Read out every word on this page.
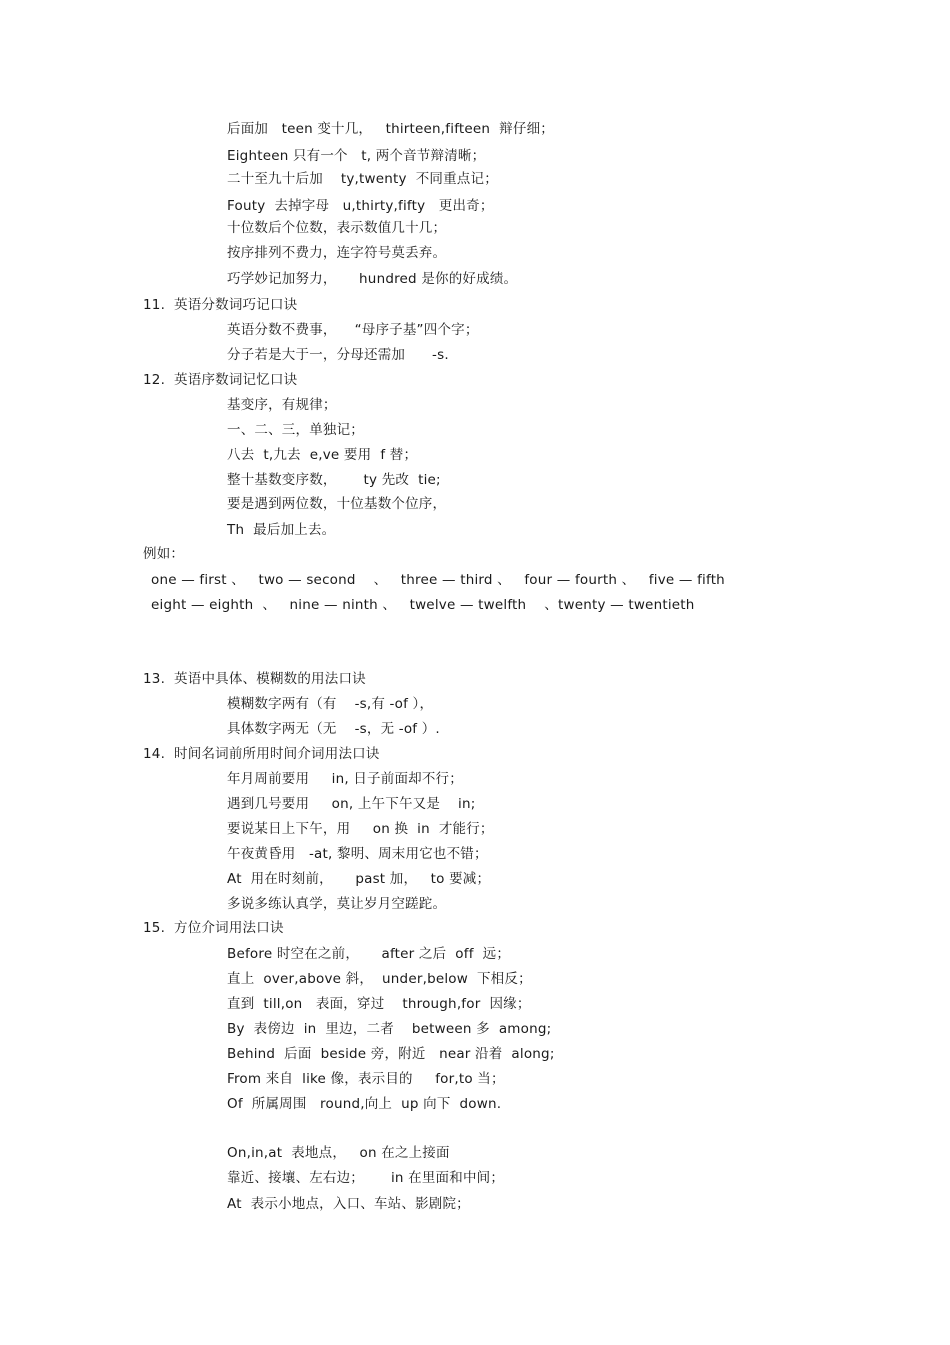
后面加   teen 变十几，   thirteen,fifteen  辩仔细；
Eighteen 只有一个   t, 两个音节辩清晰；
二十至九十后加    ty,twenty  不同重点记；
Fouty  去掉字母   u,thirty,fifty   更出奇；
十位数后个位数，表示数值几十几；
按序排列不费力，连字符号莫丢弃。
巧学妙记加努力，     hundred 是你的好成绩。
11.  英语分数词巧记口诀
英语分数不费事，    “母序子基”四个字；
分子若是大于一，分母还需加      -s.
12.  英语序数词记忆口诀
基变序，有规律；
一、二、三，单独记；
八去  t,九去  e,ve 要用  f 替；
整十基数变序数，      ty 先改  tie;
要是遇到两位数，十位基数个位序，
Th  最后加上去。
例如：
one — first 、   two — second    、   three — third 、   four — fourth 、   five — fifth
eight — eighth  、   nine — ninth 、   twelve — twelfth    、twenty — twentieth
13.  英语中具体、模糊数的用法口诀
模糊数字两有（有    -s,有 -of ），
具体数字两无（无    -s，无 -of ）.
14.  时间名词前所用时间介词用法口诀
年月周前要用     in, 日子前面却不行；
遇到几号要用     on, 上午下午又是    in;
要说某日上下午，用     on 换  in  才能行；
午夜黄昏用   -at, 黎明、周末用它也不错；
At  用在时刻前，     past 加，   to 要减；
多说多练认真学，莫让岁月空蹉跎。
15.  方位介词用法口诀
Before 时空在之前，     after 之后  off  远；
直上  over,above 斜，  under,below  下相反；
直到  till,on   表面，穿过    through,for  因缘；
By  表傍边  in  里边，二者    between 多  among;
Behind  后面  beside 旁，附近   near 沿着  along;
From 来自  like 像，表示目的     for,to 当；
Of  所属周围   round,向上  up 向下  down.
On,in,at  表地点，   on 在之上接面
靠近、接壤、左右边；      in 在里面和中间；
At  表示小地点，入口、车站、影剧院；
